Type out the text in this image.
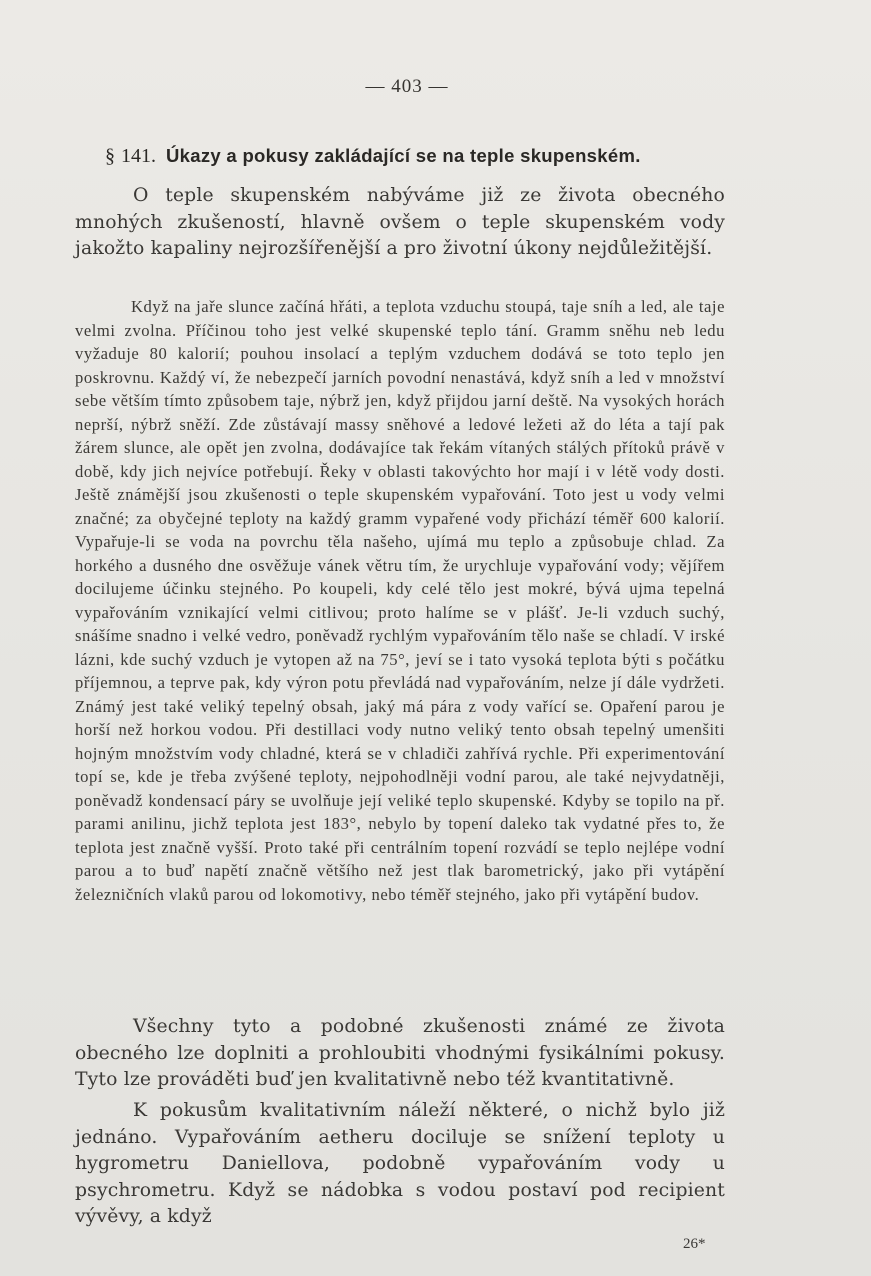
— 403 —
§ 141. Úkazy a pokusy zakládající se na teple skupenském.

O teple skupenském nabýváme již ze života obecného mnohých zkušeností, hlavně ovšem o teple skupenském vody jakožto kapaliny nejrozšířenější a pro životní úkony nejdůležitější.

Když na jaře slunce začíná hřáti, a teplota vzduchu stoupá, taje sníh a led, ale taje velmi zvolna. Příčinou toho jest velké skupenské teplo tání. Gramm sněhu neb ledu vyžaduje 80 kalorií; pouhou insolací a teplým vzduchem dodává se toto teplo jen poskrovnu. Každý ví, že nebezpečí jarních povodní nenastává, když sníh a led v množství sebe větším tímto způsobem taje, nýbrž jen, když přijdou jarní deště. Na vysokých horách neprší, nýbrž sněží. Zde zůstávají massy sněhové a ledové ležeti až do léta a tají pak žárem slunce, ale opět jen zvolna, dodávajíce tak řekám vítaných stálých přítoků právě v době, kdy jich nejvíce potřebují. Řeky v oblasti takovýchto hor mají i v létě vody dosti. Ještě známější jsou zkušenosti o teple skupenském vypařování. Toto jest u vody velmi značné; za obyčejné teploty na každý gramm vypařené vody přichází téměř 600 kalorií. Vypařuje-li se voda na povrchu těla našeho, ujímá mu teplo a způsobuje chlad. Za horkého a dusného dne osvěžuje vánek větru tím, že urychluje vypařování vody; vějířem docilujeme účinku stejného. Po koupeli, kdy celé tělo jest mokré, bývá ujma tepelná vypařováním vznikající velmi citlivou; proto halíme se v plášť. Je-li vzduch suchý, snášíme snadno i velké vedro, poněvadž rychlým vypařováním tělo naše se chladí. V irské lázni, kde suchý vzduch je vytopen až na 75°, jeví se i tato vysoká teplota býti s počátku příjemnou, a teprve pak, kdy výron potu převládá nad vypařováním, nelze jí dále vydržeti. Známý jest také veliký tepelný obsah, jaký má pára z vody vařící se. Opaření parou je horší než horkou vodou. Při destillaci vody nutno veliký tento obsah tepelný umenšiti hojným množstvím vody chladné, která se v chladiči zahřívá rychle. Při experimentování topí se, kde je třeba zvýšené teploty, nejpohodlněji vodní parou, ale také nejvydatněji, poněvadž kondensací páry se uvolňuje její veliké teplo skupenské. Kdyby se topilo na př. parami anilinu, jichž teplota jest 183°, nebylo by topení daleko tak vydatné přes to, že teplota jest značně vyšší. Proto také při centrálním topení rozvádí se teplo nejlépe vodní parou a to buď napětí značně většího než jest tlak barometrický, jako při vytápění železničních vlaků parou od lokomotivy, nebo téměř stejného, jako při vytápění budov.

Všechny tyto a podobné zkušenosti známé ze života obecného lze doplniti a prohloubiti vhodnými fysikálními pokusy. Tyto lze prováděti buď jen kvalitativně nebo též kvantitativně.

K pokusům kvalitativním náleží některé, o nichž bylo již jednáno. Vypařováním aetheru dociluje se snížení teploty u hygrometru Daniellova, podobně vypařováním vody u psychrometru. Když se nádobka s vodou postaví pod recipient vývěvy, a když

26*
